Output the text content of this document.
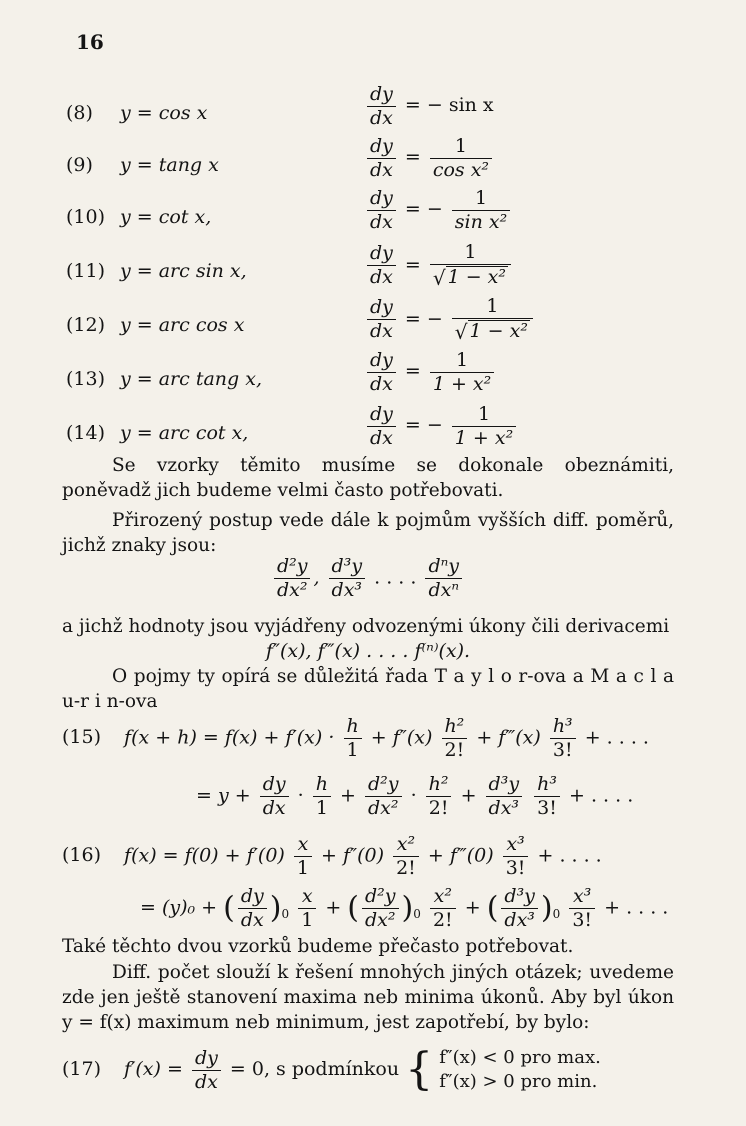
16
(8) y = cos x	$\frac{dy}{dx}$ = − sin x
(9) y = tang x	$\frac{dy}{dx} = \frac{1}{\text{cos x²}}$
(10) y = cot x,	$\frac{dy}{dx}$ = − $\frac{1}{\text{sin x²}}$
(11) y = arc sin x,	$\frac{dy}{dx} = \frac{1}{\text{√ 1 − x²}}$
(12) y = arc cos x	$\frac{dy}{dx}$ = − $\frac{1}{\text{√ 1 − x²}}$
(13) y = arc tang x,	$\frac{dy}{dx} = \frac{1}{\text{1 + x²}}$
(14) y = arc cot x,	$\frac{dy}{dx}$ = − $\frac{1}{\text{1 + x²}}$
Se vzorky těmito musíme se dokonale obeznámiti, poněvadž jich budeme velmi často potřebovati.
Přirozený postup vede dále k pojmům vyšších diff. poměrů, jichž znaky jsou:
$\frac{\text{d²y}}{\text{dx²}}$ , $\frac{\text{d³y}}{\text{dx³}}$ . . . . $\frac{\text{dⁿy}}{\text{dxⁿ}}$
a jichž hodnoty jsou vyjádřeny odvozenými úkony čili derivacemi
f″(x), f‴(x) . . . . f⁽ⁿ⁾(x).
O pojmy ty opírá se důležitá řada T a y l o r-ova a M a c l a u-r i n-ova
(15) $f(x + h) = f(x) + f'(x) \cdot \frac{h}{1} + f''(x) \frac{\text{h²}}{2!}$ + f‴(x) $\frac{\text{h³}}{3!}$ + . . . .
= $y + \frac{dy}{dx} \cdot \frac{h}{1} + \frac{\text{d²y}}{\text{dx²}} \cdot \frac{\text{h²}}{2!} + \frac{\text{d³y}}{\text{dx³}}$
$\frac{\text{h³}}{3!}$ + . . . .
(16) $f(x) = f(0) + f'(0) \frac{x}{1} + f''(0) \frac{\text{x²}}{2!}$ + f‴(0) $\frac{\text{x³}}{3!}$ + . . . .
= (y)₀ + ( $\frac{dy}{dx} )_0 \frac{x}{1}$ + ( $\frac{\text{d²y}}{\text{dx²}} )_0 \frac{\text{x²}}{2!}$ + ( $\frac{\text{d³y}}{\text{dx³}} )_0 \frac{\text{x³}}{3!}$ + . . . .
Také těchto dvou vzorků budeme přečasto potřebovat.
Diff. počet slouží k řešení mnohých jiných otázek; uvedeme zde jen ještě stanovení maxima neb minima úkonů. Aby byl úkon y = f(x) maximum neb minimum, jest zapotřebí, by bylo:
(17) $f'(x) = \frac{dy}{dx} = 0$, s podmínkou { f″(x) < 0 pro max.
f″(x) > 0 pro min.
